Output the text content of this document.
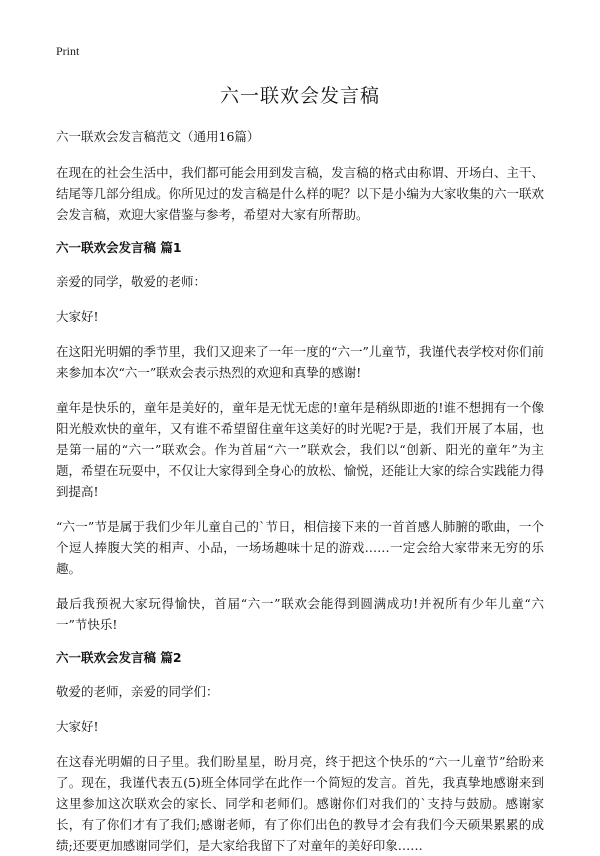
Print
六一联欢会发言稿
六一联欢会发言稿范文（通用16篇）

在现在的社会生活中，我们都可能会用到发言稿，发言稿的格式由称谓、开场白、主干、结尾等几部分组成。你所见过的发言稿是什么样的呢？以下是小编为大家收集的六一联欢会发言稿，欢迎大家借鉴与参考，希望对大家有所帮助。

六一联欢会发言稿 篇1

亲爱的同学，敬爱的老师：

大家好!

在这阳光明媚的季节里，我们又迎来了一年一度的“六一”儿童节，我谨代表学校对你们前来参加本次“六一”联欢会表示热烈的欢迎和真挚的感谢!

童年是快乐的，童年是美好的，童年是无忧无虑的!童年是稍纵即逝的!谁不想拥有一个像阳光般欢快的童年，又有谁不希望留住童年这美好的时光呢?于是，我们开展了本届，也是第一届的“六一”联欢会。作为首届“六一”联欢会，我们以“创新、阳光的童年”为主题，希望在玩耍中，不仅让大家得到全身心的放松、愉悦，还能让大家的综合实践能力得到提高!

“六一”节是属于我们少年儿童自己的`节日，相信接下来的一首首感人肺腑的歌曲，一个个逗人捧腹大笑的相声、小品，一场场趣味十足的游戏……一定会给大家带来无穷的乐趣。

最后我预祝大家玩得愉快，首届“六一”联欢会能得到圆满成功!并祝所有少年儿童“六一”节快乐!

六一联欢会发言稿 篇2

敬爱的老师，亲爱的同学们：

大家好!

在这春光明媚的日子里。我们盼星星，盼月亮，终于把这个快乐的“六一儿童节”给盼来了。现在，我谨代表五(5)班全体同学在此作一个简短的发言。首先，我真挚地感谢来到这里参加这次联欢会的家长、同学和老师们。感谢你们对我们的`支持与鼓励。感谢家长，有了你们才有了我们;感谢老师，有了你们出色的教导才会有我们今天硕果累累的成绩;还要更加感谢同学们，是大家给我留下了对童年的美好印象……
